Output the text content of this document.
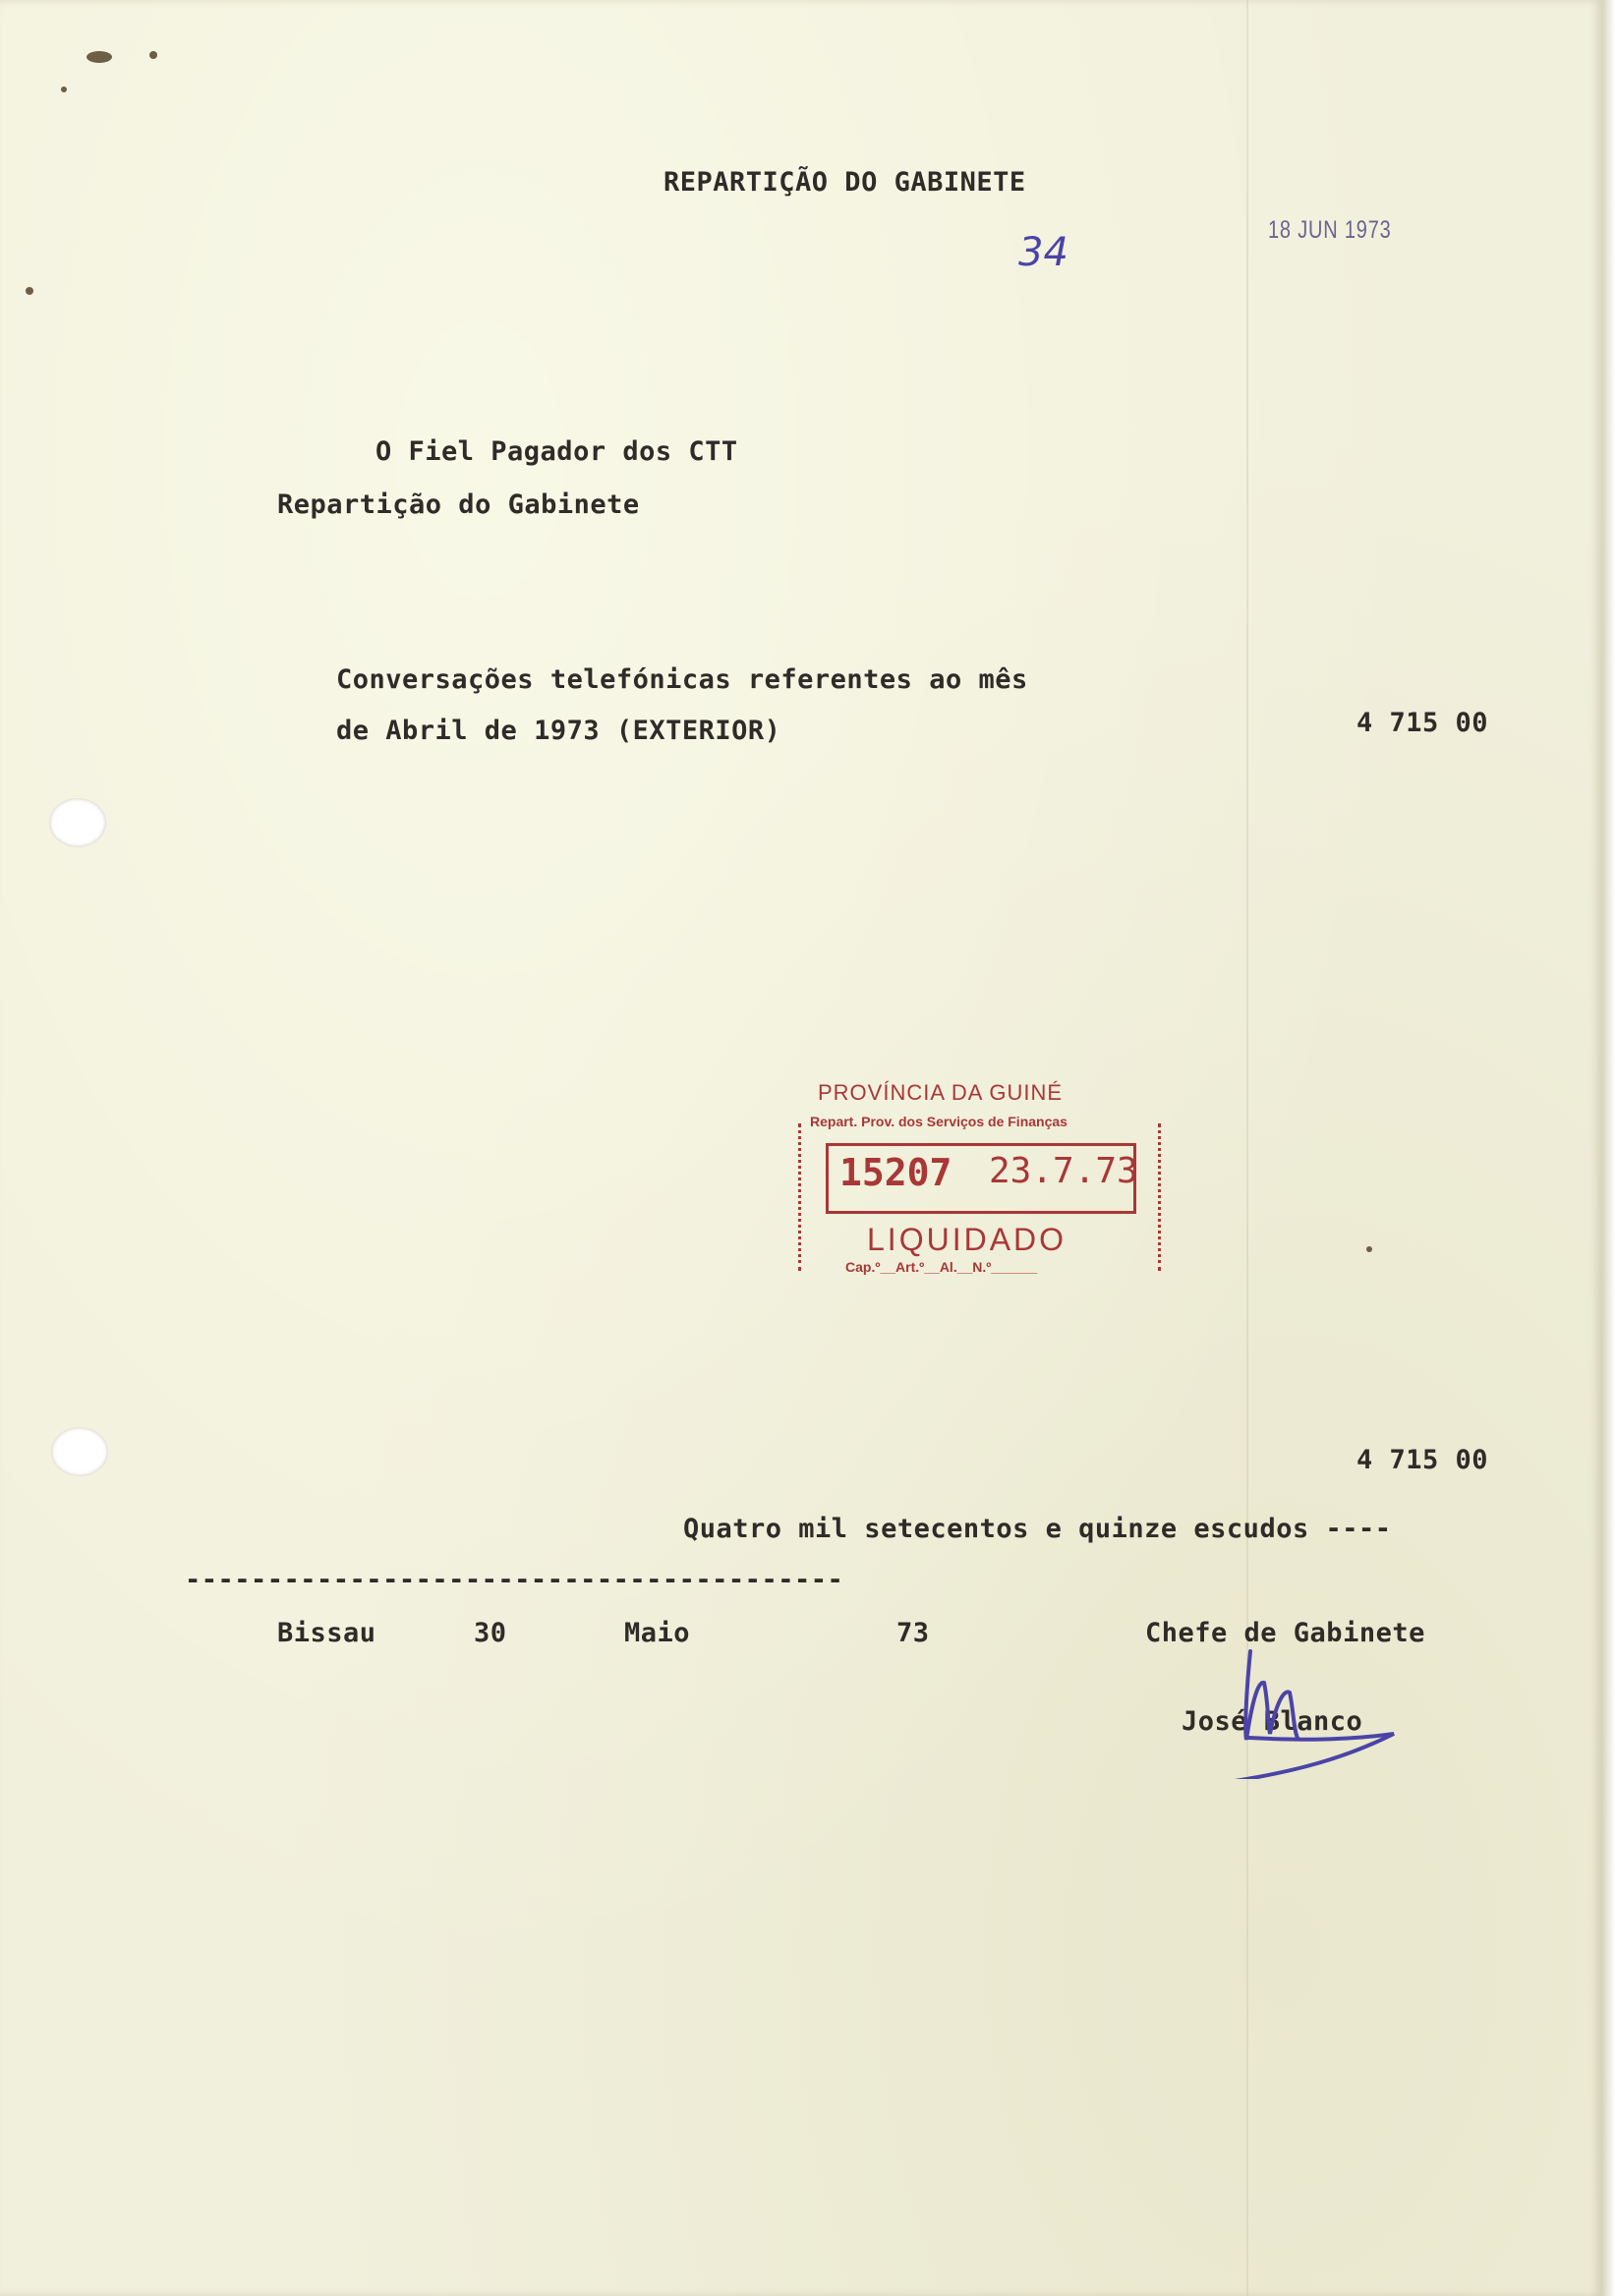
REPARTIÇÃO DO GABINETE
34	18 JUN 1973
O Fiel Pagador dos CTT
Repartição do Gabinete
Conversações telefónicas referentes ao mês
de Abril de 1973 (EXTERIOR)	4 715 00
PROVÍNCIA DA GUINÉ
Repart. Prov. dos Serviços de Finanças
15207 23.7.73
LIQUIDADO
Cap.º__Art.º__Al.__N.º______
4 715 00
Quatro mil setecentos e quinze escudos ----
----------------------------------------
Bissau	30	Maio	73	Chefe de Gabinete
José Blanco
